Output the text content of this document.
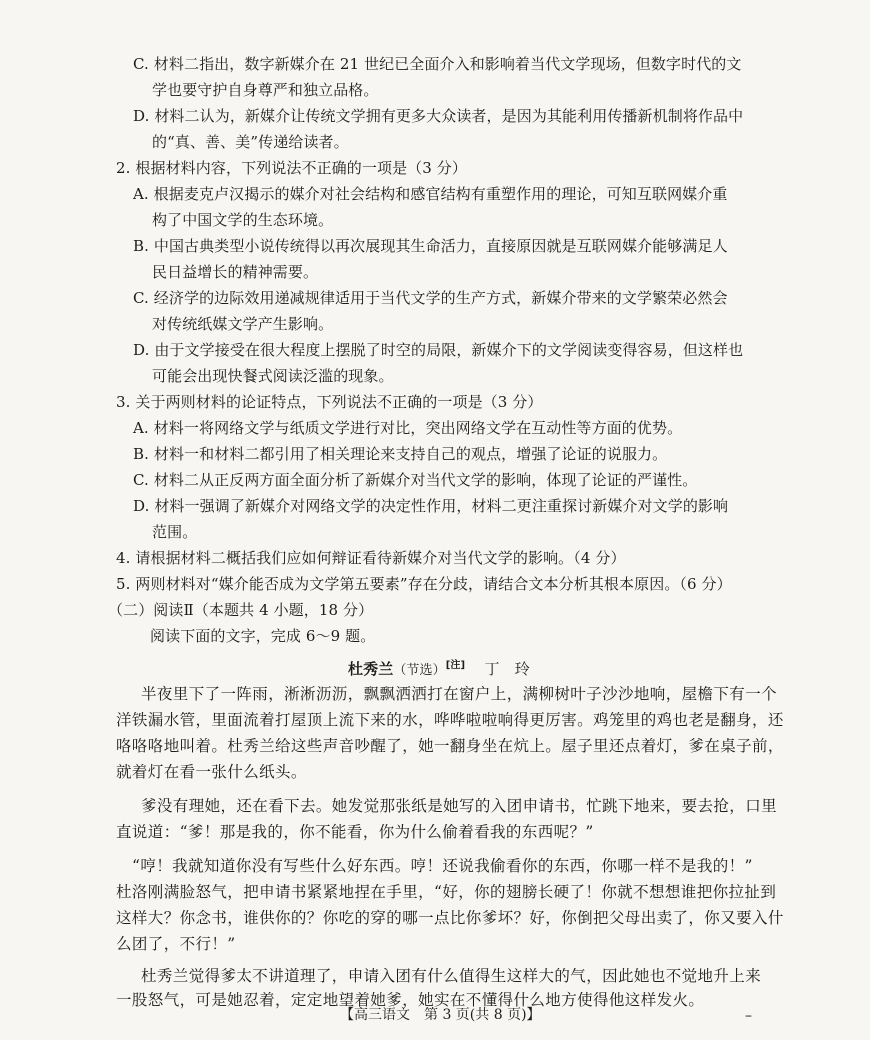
C. 材料二指出，数字新媒介在 21 世纪已全面介入和影响着当代文学现场，但数字时代的文
学也要守护自身尊严和独立品格。
D. 材料二认为，新媒介让传统文学拥有更多大众读者，是因为其能利用传播新机制将作品中
的“真、善、美”传递给读者。
2. 根据材料内容，下列说法不正确的一项是（3 分）
A. 根据麦克卢汉揭示的媒介对社会结构和感官结构有重塑作用的理论，可知互联网媒介重
构了中国文学的生态环境。
B. 中国古典类型小说传统得以再次展现其生命活力，直接原因就是互联网媒介能够满足人
民日益增长的精神需要。
C. 经济学的边际效用递减规律适用于当代文学的生产方式，新媒介带来的文学繁荣必然会
对传统纸媒文学产生影响。
D. 由于文学接受在很大程度上摆脱了时空的局限，新媒介下的文学阅读变得容易，但这样也
可能会出现快餐式阅读泛滥的现象。
3. 关于两则材料的论证特点，下列说法不正确的一项是（3 分）
A. 材料一将网络文学与纸质文学进行对比，突出网络文学在互动性等方面的优势。
B. 材料一和材料二都引用了相关理论来支持自己的观点，增强了论证的说服力。
C. 材料二从正反两方面全面分析了新媒介对当代文学的影响，体现了论证的严谨性。
D. 材料一强调了新媒介对网络文学的决定性作用，材料二更注重探讨新媒介对文学的影响
范围。
4. 请根据材料二概括我们应如何辩证看待新媒介对当代文学的影响。（4 分）
5. 两则材料对“媒介能否成为文学第五要素”存在分歧，请结合文本分析其根本原因。（6 分）
（二）阅读Ⅱ（本题共 4 小题，18 分）
阅读下面的文字，完成 6～9 题。
杜秀兰（节选）[注] 丁　玲
半夜里下了一阵雨，淅淅沥沥，飘飘洒洒打在窗户上，满柳树叶子沙沙地响，屋檐下有一个
洋铁漏水管，里面流着打屋顶上流下来的水，哗哗啦啦响得更厉害。鸡笼里的鸡也老是翻身，还
咯咯咯地叫着。杜秀兰给这些声音吵醒了，她一翻身坐在炕上。屋子里还点着灯，爹在桌子前，
就着灯在看一张什么纸头。
爹没有理她，还在看下去。她发觉那张纸是她写的入团申请书，忙跳下地来，要去抢，口里
直说道：“爹！那是我的，你不能看，你为什么偷着看我的东西呢？”
“哼！我就知道你没有写些什么好东西。哼！还说我偷看你的东西，你哪一样不是我的！”
杜洛刚满脸怒气，把申请书紧紧地捏在手里，“好，你的翅膀长硬了！你就不想想谁把你拉扯到
这样大？你念书，谁供你的？你吃的穿的哪一点比你爹坏？好，你倒把父母出卖了，你又要入什
么团了，不行！”
杜秀兰觉得爹太不讲道理了，申请入团有什么值得生这样大的气，因此她也不觉地升上来
一股怒气，可是她忍着，定定地望着她爹，她实在不懂得什么地方使得他这样发火。
【高三语文　第 3 页(共 8 页)】	–
